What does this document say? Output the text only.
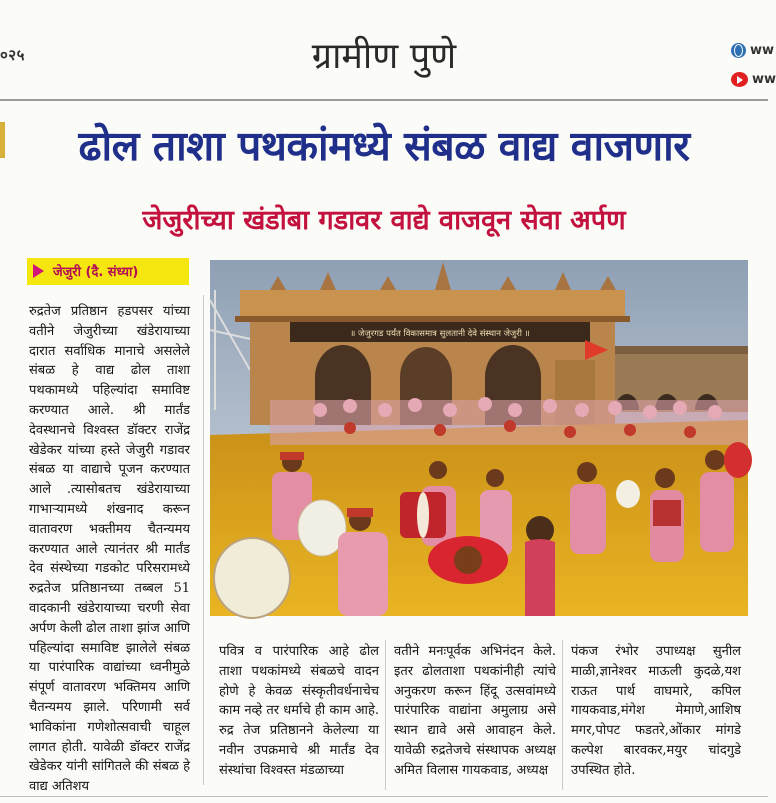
०२५	ग्रामीण पुणे	ww
ww
ढोल ताशा पथकांमध्ये संबळ वाद्य वाजणार
जेजुरीच्या खंडोबा गडावर वाद्ये वाजवून सेवा अर्पण
जेजुरी (दै. संध्या)

रुद्रतेज प्रतिष्ठान हडपसर यांच्या वतीने जेजुरीच्या खंडेरायाच्या दारात सर्वाधिक मानाचे असलेले संबळ हे वाद्य ढोल ताशा पथकामध्ये पहिल्यांदा समाविष्ट करण्यात आले. श्री मार्तंड देवस्थानचे विश्वस्त डॉक्टर राजेंद्र खेडेकर यांच्या हस्ते जेजुरी गडावर संबळ या वाद्याचे पूजन करण्यात आले .त्यासोबतच खंडेरायाच्या गाभाऱ्यामध्ये शंखनाद करून वातावरण भक्तीमय चैतन्यमय करण्यात आले त्यानंतर श्री मार्तंड देव संस्थेच्या गडकोट परिसरामध्ये रुद्रतेज प्रतिष्ठानच्या तब्बल 51 वादकानी खंडेरायाच्या चरणी सेवा अर्पण केली ढोल ताशा झांज आणि पहिल्यांदा समाविष्ट झालेले संबळ या पारंपारिक वाद्यांच्या ध्वनीमुळे संपूर्ण वातावरण भक्तिमय आणि चैतन्यमय झाले. परिणामी सर्व भाविकांना गणेशोत्सवाची चाहूल लागत होती. यावेळी डॉक्टर राजेंद्र खेडेकर यांनी सांगितले की संबळ हे वाद्य अतिशय

॥ जेजुरगड पर्यंत विकासमात्र सुलतानी देवे संस्थान जेजुरी ॥

पवित्र व पारंपारिक आहे ढोल ताशा पथकांमध्ये संबळचे वादन होणे हे केवळ संस्कृतीवर्धनाचेच काम नव्हे तर धर्माचे ही काम आहे. रुद्र तेज प्रतिष्ठानने केलेल्या या नवीन उपक्रमाचे श्री मार्तंड देव संस्थांचा विश्वस्त मंडळाच्या

वतीने मनःपूर्वक अभिनंदन केले. इतर ढोलताशा पथकांनीही त्यांचे अनुकरण करून हिंदू उत्सवांमध्ये पारंपारिक वाद्यांना अमुलाग्र असे स्थान द्यावे असे आवाहन केले. यावेळी रुद्रतेजचे संस्थापक अध्यक्ष अमित विलास गायकवाड, अध्यक्ष

पंकज रंभोर उपाध्यक्ष सुनील माळी,ज्ञानेश्वर माऊली कुदळे,यश राऊत पार्थ वाघमारे, कपिल गायकवाड,मंगेश मेमाणे,आशिष मगर,पोपट फडतरे,ओंकार मांगडे कल्पेश बारवकर,मयुर चांदगुडे उपस्थित होते.
